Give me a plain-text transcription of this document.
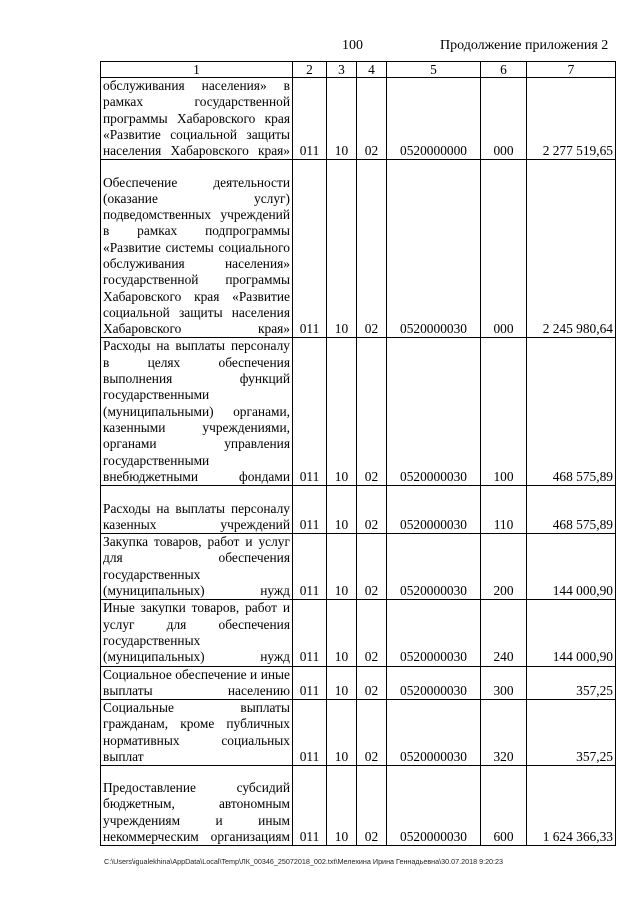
100	Продолжение приложения 2
1	2	3	4	5	6	7
обслуживания населения» в рамках государственной программы Хабаровского края «Развитие социальной защиты населения Хабаровского края»	011	10	02	0520000000	000	2 277 519,65
Обеспечение деятельности (оказание услуг) подведомственных учреждений в рамках подпрограммы «Развитие системы социального обслуживания населения» государственной программы Хабаровского края «Развитие социальной защиты населения Хабаровского края»	011	10	02	0520000030	000	2 245 980,64
Расходы на выплаты персоналу в целях обеспечения выполнения функций государственными (муниципальными) органами, казенными учреждениями, органами управления государственными внебюджетными фондами	011	10	02	0520000030	100	468 575,89
Расходы на выплаты персоналу казенных учреждений	011	10	02	0520000030	110	468 575,89
Закупка товаров, работ и услуг для обеспечения государственных (муниципальных) нужд	011	10	02	0520000030	200	144 000,90
Иные закупки товаров, работ и услуг для обеспечения государственных (муниципальных) нужд	011	10	02	0520000030	240	144 000,90
Социальное обеспечение и иные выплаты населению	011	10	02	0520000030	300	357,25
Социальные выплаты гражданам, кроме публичных нормативных социальных выплат	011	10	02	0520000030	320	357,25
Предоставление субсидий бюджетным, автономным учреждениям и иным некоммерческим организациям	011	10	02	0520000030	600	1 624 366,33
C:\Users\igualekhina\AppData\Local\Temp\ЛК_00346_25072018_002.txt\Мелехина Ирина Геннадьевна\30.07.2018 9:20:23
